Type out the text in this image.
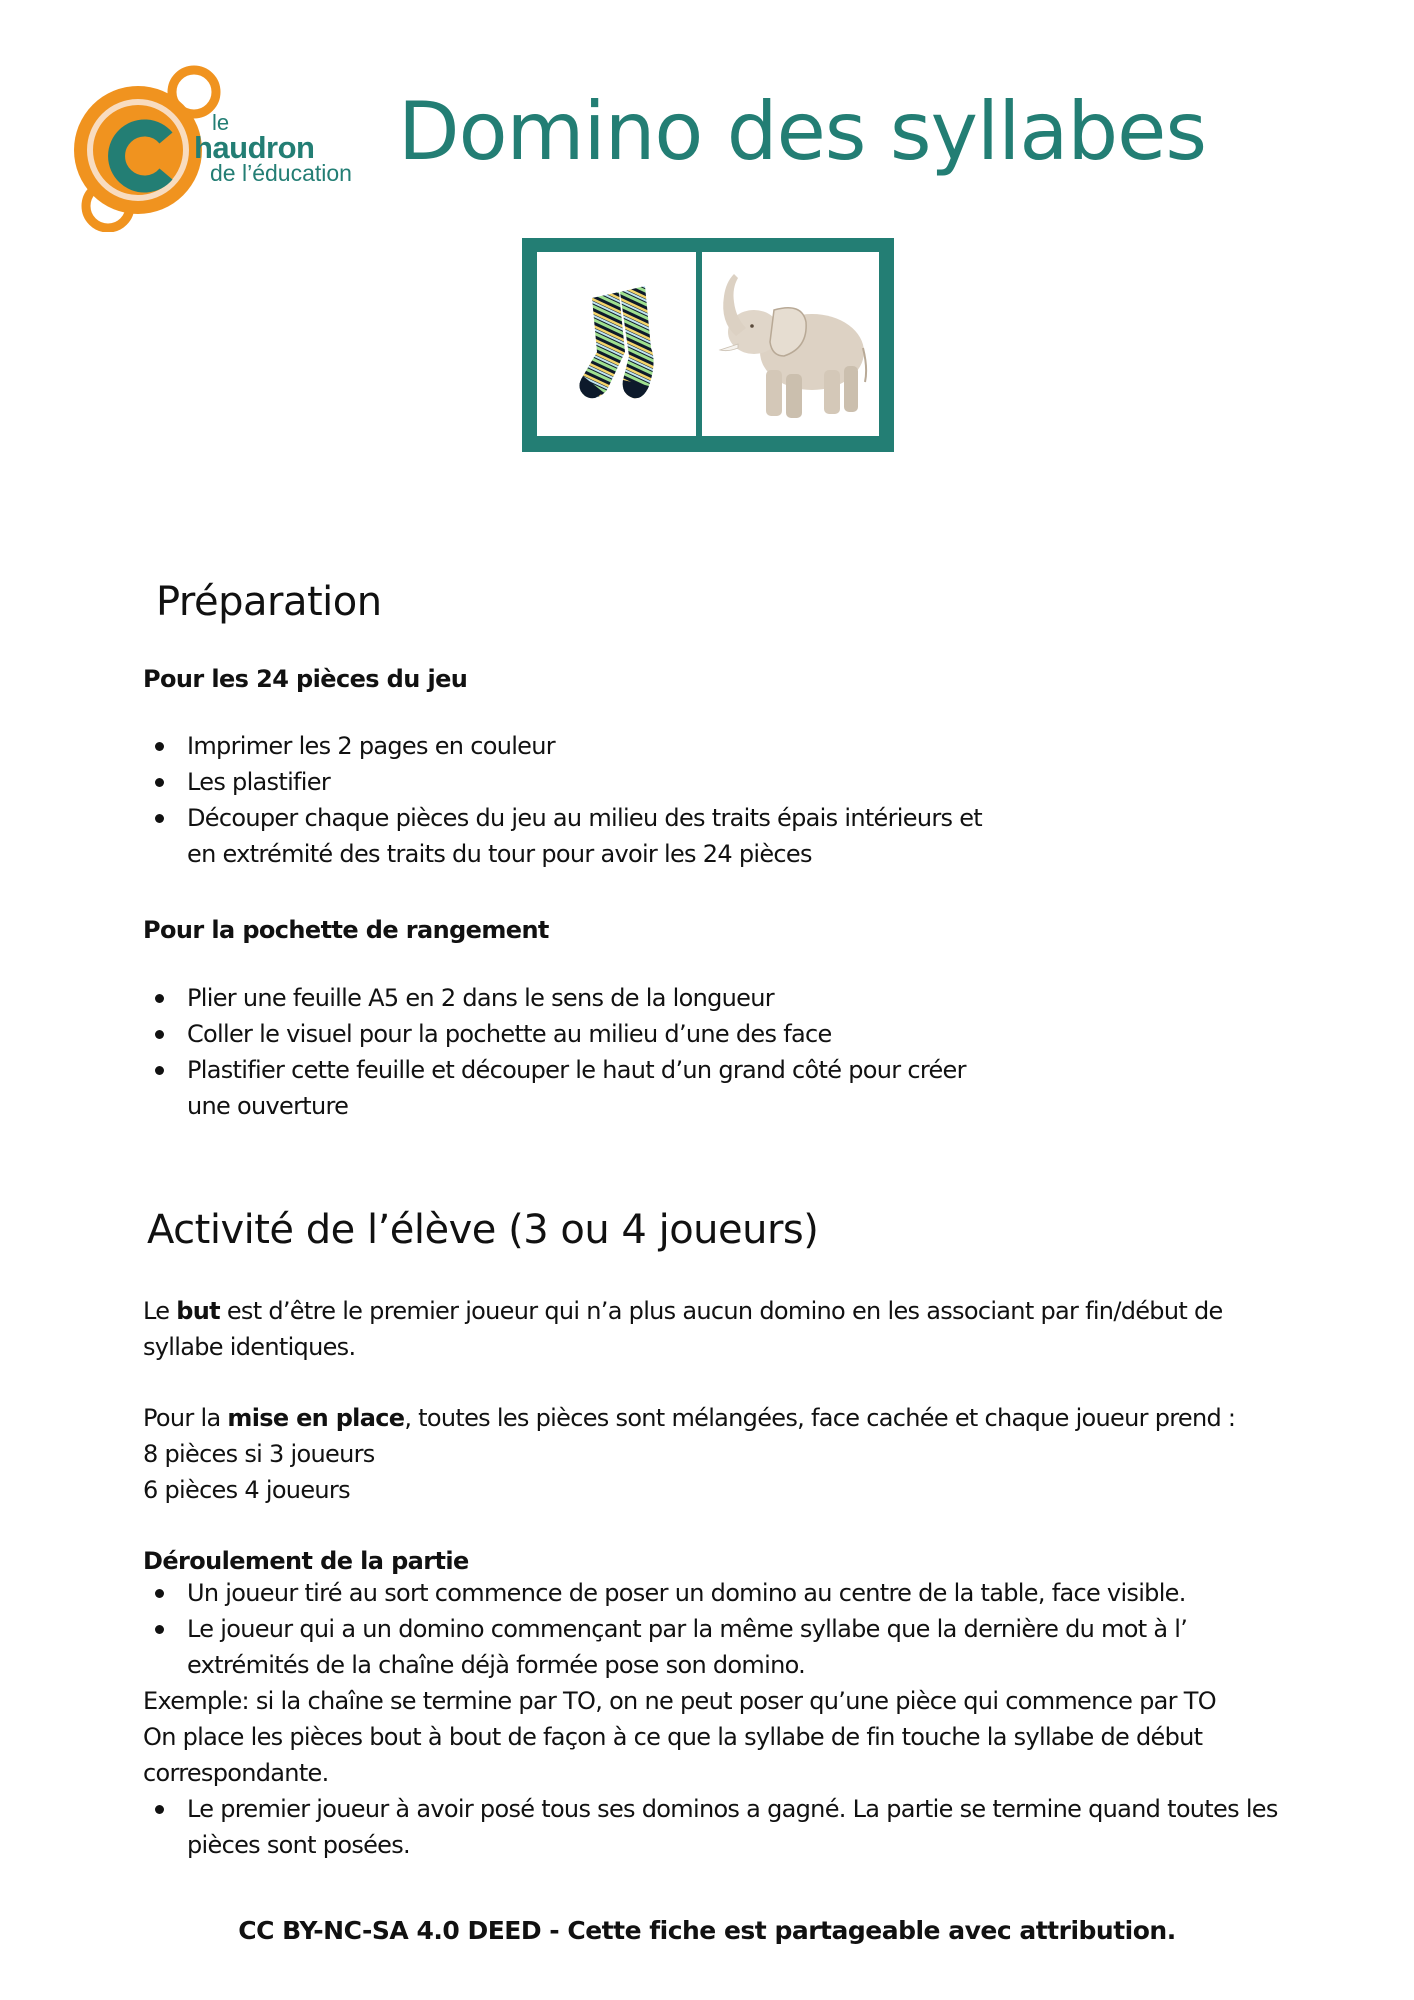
le
haudron
de l’éducation Domino des syllabes
Préparation
Pour les 24 pièces du jeu
Imprimer les 2 pages en couleur
Les plastifier
Découper chaque pièces du jeu au milieu des traits épais intérieurs et
en extrémité des traits du tour pour avoir les 24 pièces
Pour la pochette de rangement
Plier une feuille A5 en 2 dans le sens de la longueur
Coller le visuel pour la pochette au milieu d’une des face
Plastifier cette feuille et découper le haut d’un grand côté pour créer
une ouverture
Activité de l’élève (3 ou 4 joueurs)
Le but est d’être le premier joueur qui n’a plus aucun domino en les associant par fin/début de
syllabe identiques.
Pour la mise en place, toutes les pièces sont mélangées, face cachée et chaque joueur prend :
8 pièces si 3 joueurs
6 pièces 4 joueurs
Déroulement de la partie
Un joueur tiré au sort commence de poser un domino au centre de la table, face visible.
Le joueur qui a un domino commençant par la même syllabe que la dernière du mot à l’
extrémités de la chaîne déjà formée pose son domino.
Exemple: si la chaîne se termine par TO, on ne peut poser qu’une pièce qui commence par TO
On place les pièces bout à bout de façon à ce que la syllabe de fin touche la syllabe de début
correspondante.
Le premier joueur à avoir posé tous ses dominos a gagné. La partie se termine quand toutes les
pièces sont posées.
CC BY-NC-SA 4.0 DEED - Cette fiche est partageable avec attribution.
